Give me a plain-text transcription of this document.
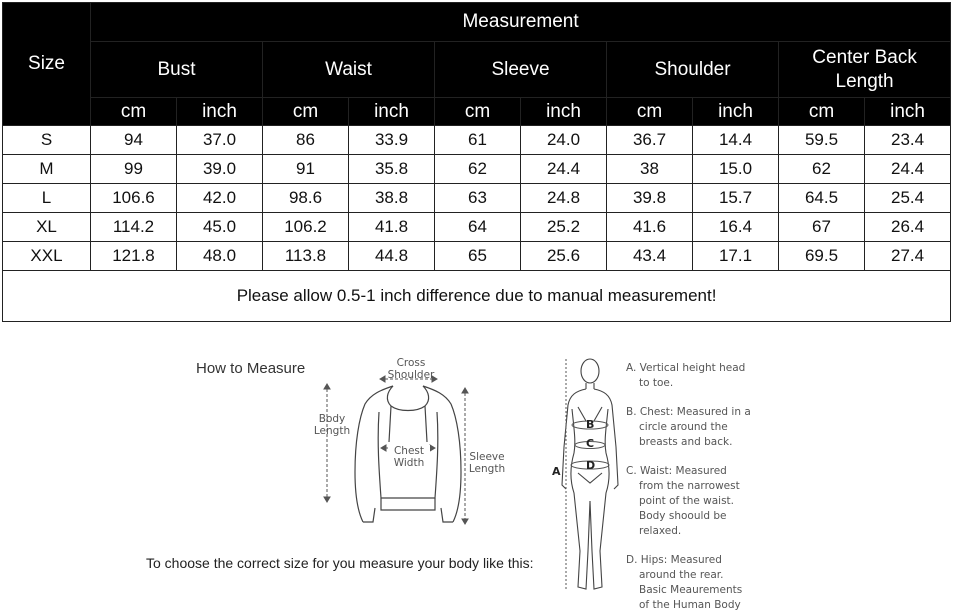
Size	Measurement									
	Bust		Waist		Sleeve		Shoulder		Center Back Length	
	cm	inch	cm	inch	cm	inch	cm	inch	cm	inch
S	94	37.0	86	33.9	61	24.0	36.7	14.4	59.5	23.4
M	99	39.0	91	35.8	62	24.4	38	15.0	62	24.4
L	106.6	42.0	98.6	38.8	63	24.8	39.8	15.7	64.5	25.4
XL	114.2	45.0	106.2	41.8	64	25.2	41.6	16.4	67	26.4
XXL	121.8	48.0	113.8	44.8	65	25.6	43.4	17.1	69.5	27.4
Please allow 0.5-1 inch difference due to manual measurement!										
How to Measure	Cross
Shoulder
Body
Length
Chest
Width	Sleeve
Length
To choose the correct size for you measure your body like this:
A
B
C
D
A. Vertical height head
to toe.
B. Chest: Measured in a
circle around the
breasts and back.
C. Waist: Measured
from the narrowest
point of the waist.
Body shoould be
relaxed.
D. Hips: Measured
around the rear.
Basic Meaurements
of the Human Body
